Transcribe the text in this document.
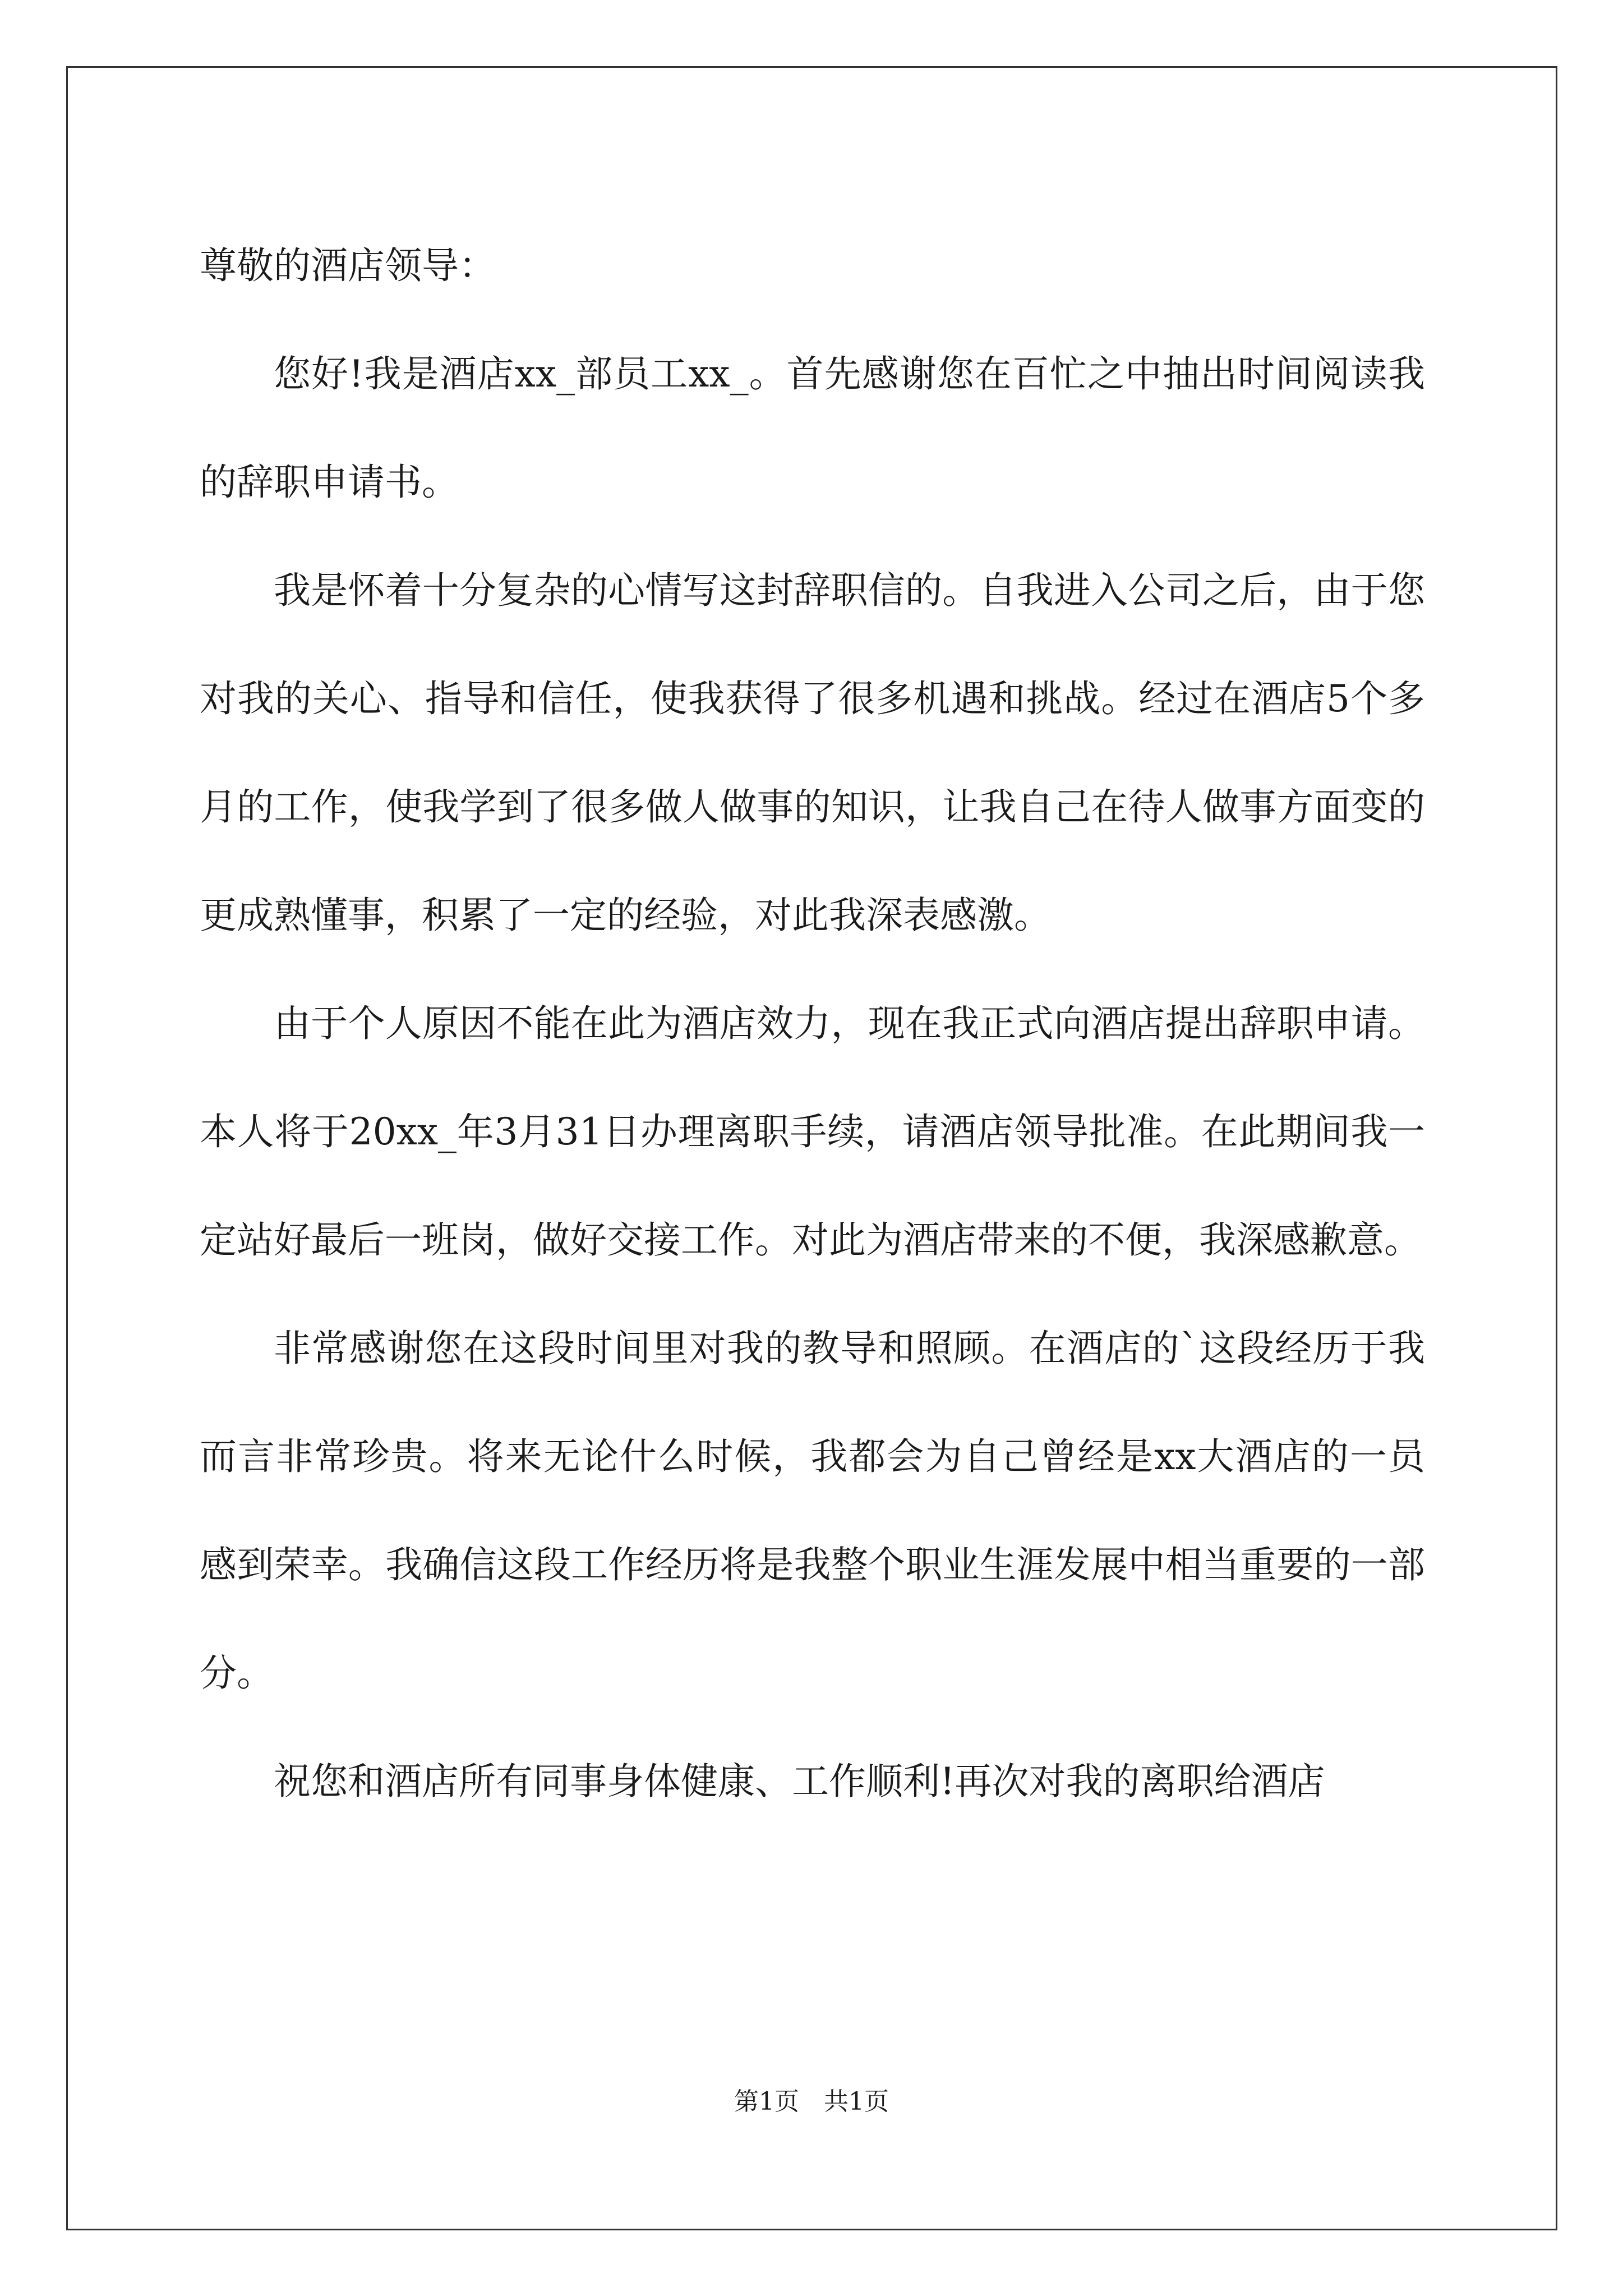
尊敬的酒店领导：

您好!我是酒店xx_部员工xx_。首先感谢您在百忙之中抽出时间阅读我的辞职申请书。

我是怀着十分复杂的心情写这封辞职信的。自我进入公司之后，由于您对我的关心、指导和信任，使我获得了很多机遇和挑战。经过在酒店5个多月的工作，使我学到了很多做人做事的知识，让我自己在待人做事方面变的更成熟懂事，积累了一定的经验，对此我深表感激。

由于个人原因不能在此为酒店效力，现在我正式向酒店提出辞职申请。本人将于20xx_年3月31日办理离职手续，请酒店领导批准。在此期间我一定站好最后一班岗，做好交接工作。对此为酒店带来的不便，我深感歉意。

非常感谢您在这段时间里对我的教导和照顾。在酒店的`这段经历于我而言非常珍贵。将来无论什么时候，我都会为自己曾经是xx大酒店的一员感到荣幸。我确信这段工作经历将是我整个职业生涯发展中相当重要的一部分。

祝您和酒店所有同事身体健康、工作顺利!再次对我的离职给酒店

第1页　共1页
